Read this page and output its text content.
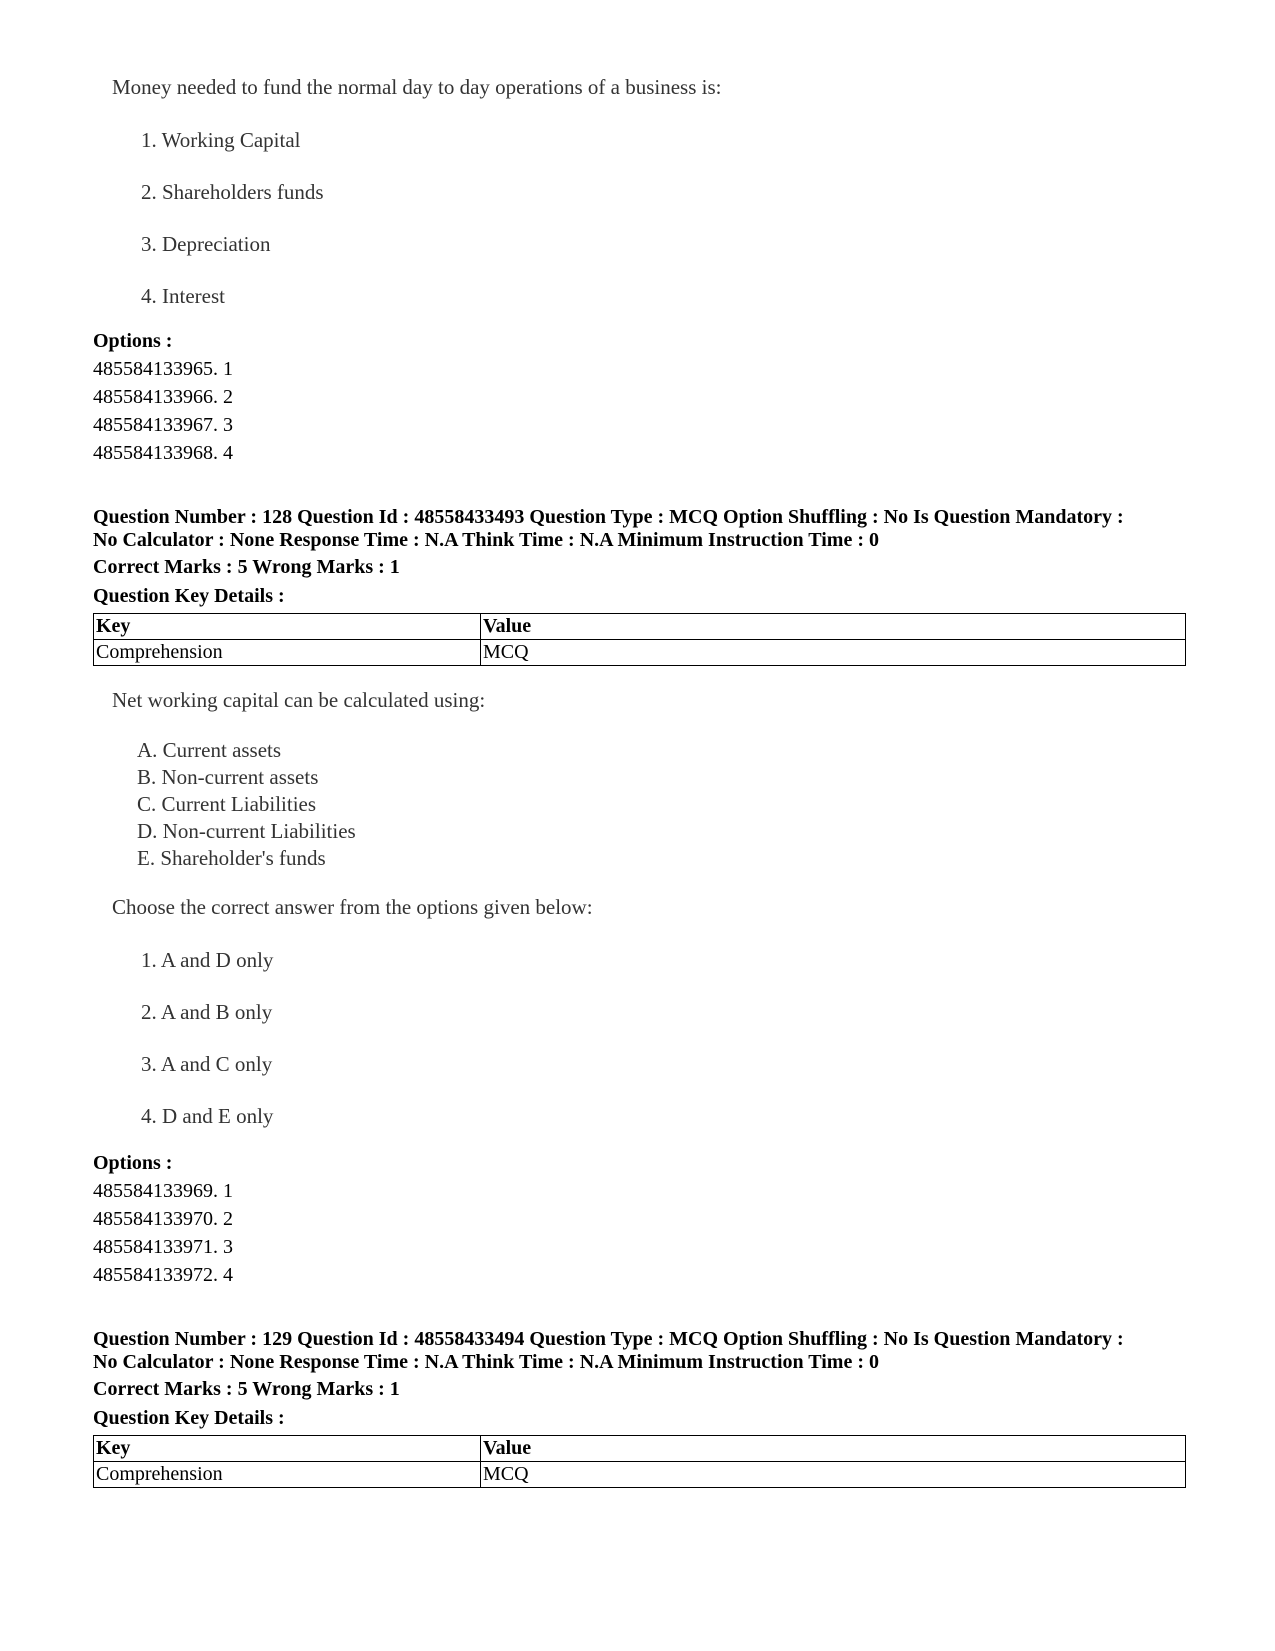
Money needed to fund the normal day to day operations of a business is:
1. Working Capital
2. Shareholders funds
3. Depreciation
4. Interest
Options :
485584133965. 1
485584133966. 2
485584133967. 3
485584133968. 4
Question Number : 128 Question Id : 48558433493 Question Type : MCQ Option Shuffling : No Is Question Mandatory :
No Calculator : None Response Time : N.A Think Time : N.A Minimum Instruction Time : 0
Correct Marks : 5 Wrong Marks : 1
Question Key Details :
Key	Value
Comprehension	MCQ
Net working capital can be calculated using:
A. Current assets
B. Non-current assets
C. Current Liabilities
D. Non-current Liabilities
E. Shareholder's funds
Choose the correct answer from the options given below:
1. A and D only
2. A and B only
3. A and C only
4. D and E only
Options :
485584133969. 1
485584133970. 2
485584133971. 3
485584133972. 4
Question Number : 129 Question Id : 48558433494 Question Type : MCQ Option Shuffling : No Is Question Mandatory :
No Calculator : None Response Time : N.A Think Time : N.A Minimum Instruction Time : 0
Correct Marks : 5 Wrong Marks : 1
Question Key Details :
Key	Value
Comprehension	MCQ
